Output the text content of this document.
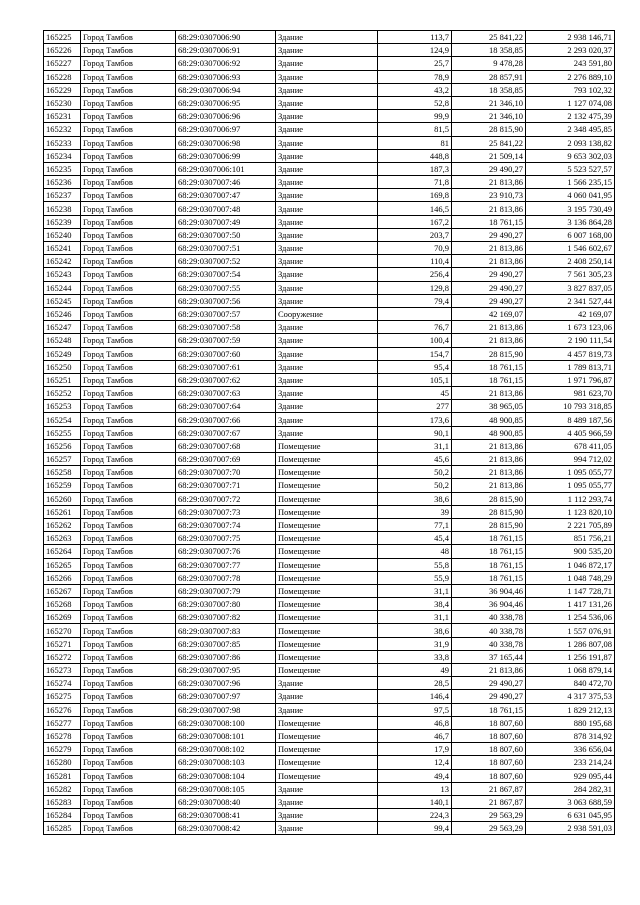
165225	Город Тамбов	68:29:0307006:90	Здание	113,7	25 841,22	2 938 146,71
165226	Город Тамбов	68:29:0307006:91	Здание	124,9	18 358,85	2 293 020,37
165227	Город Тамбов	68:29:0307006:92	Здание	25,7	9 478,28	243 591,80
165228	Город Тамбов	68:29:0307006:93	Здание	78,9	28 857,91	2 276 889,10
165229	Город Тамбов	68:29:0307006:94	Здание	43,2	18 358,85	793 102,32
165230	Город Тамбов	68:29:0307006:95	Здание	52,8	21 346,10	1 127 074,08
165231	Город Тамбов	68:29:0307006:96	Здание	99,9	21 346,10	2 132 475,39
165232	Город Тамбов	68:29:0307006:97	Здание	81,5	28 815,90	2 348 495,85
165233	Город Тамбов	68:29:0307006:98	Здание	81	25 841,22	2 093 138,82
165234	Город Тамбов	68:29:0307006:99	Здание	448,8	21 509,14	9 653 302,03
165235	Город Тамбов	68:29:0307006:101	Здание	187,3	29 490,27	5 523 527,57
165236	Город Тамбов	68:29:0307007:46	Здание	71,8	21 813,86	1 566 235,15
165237	Город Тамбов	68:29:0307007:47	Здание	169,8	23 910,73	4 060 041,95
165238	Город Тамбов	68:29:0307007:48	Здание	146,5	21 813,86	3 195 730,49
165239	Город Тамбов	68:29:0307007:49	Здание	167,2	18 761,15	3 136 864,28
165240	Город Тамбов	68:29:0307007:50	Здание	203,7	29 490,27	6 007 168,00
165241	Город Тамбов	68:29:0307007:51	Здание	70,9	21 813,86	1 546 602,67
165242	Город Тамбов	68:29:0307007:52	Здание	110,4	21 813,86	2 408 250,14
165243	Город Тамбов	68:29:0307007:54	Здание	256,4	29 490,27	7 561 305,23
165244	Город Тамбов	68:29:0307007:55	Здание	129,8	29 490,27	3 827 837,05
165245	Город Тамбов	68:29:0307007:56	Здание	79,4	29 490,27	2 341 527,44
165246	Город Тамбов	68:29:0307007:57	Сооружение		42 169,07	42 169,07
165247	Город Тамбов	68:29:0307007:58	Здание	76,7	21 813,86	1 673 123,06
165248	Город Тамбов	68:29:0307007:59	Здание	100,4	21 813,86	2 190 111,54
165249	Город Тамбов	68:29:0307007:60	Здание	154,7	28 815,90	4 457 819,73
165250	Город Тамбов	68:29:0307007:61	Здание	95,4	18 761,15	1 789 813,71
165251	Город Тамбов	68:29:0307007:62	Здание	105,1	18 761,15	1 971 796,87
165252	Город Тамбов	68:29:0307007:63	Здание	45	21 813,86	981 623,70
165253	Город Тамбов	68:29:0307007:64	Здание	277	38 965,05	10 793 318,85
165254	Город Тамбов	68:29:0307007:66	Здание	173,6	48 900,85	8 489 187,56
165255	Город Тамбов	68:29:0307007:67	Здание	90,1	48 900,85	4 405 966,59
165256	Город Тамбов	68:29:0307007:68	Помещение	31,1	21 813,86	678 411,05
165257	Город Тамбов	68:29:0307007:69	Помещение	45,6	21 813,86	994 712,02
165258	Город Тамбов	68:29:0307007:70	Помещение	50,2	21 813,86	1 095 055,77
165259	Город Тамбов	68:29:0307007:71	Помещение	50,2	21 813,86	1 095 055,77
165260	Город Тамбов	68:29:0307007:72	Помещение	38,6	28 815,90	1 112 293,74
165261	Город Тамбов	68:29:0307007:73	Помещение	39	28 815,90	1 123 820,10
165262	Город Тамбов	68:29:0307007:74	Помещение	77,1	28 815,90	2 221 705,89
165263	Город Тамбов	68:29:0307007:75	Помещение	45,4	18 761,15	851 756,21
165264	Город Тамбов	68:29:0307007:76	Помещение	48	18 761,15	900 535,20
165265	Город Тамбов	68:29:0307007:77	Помещение	55,8	18 761,15	1 046 872,17
165266	Город Тамбов	68:29:0307007:78	Помещение	55,9	18 761,15	1 048 748,29
165267	Город Тамбов	68:29:0307007:79	Помещение	31,1	36 904,46	1 147 728,71
165268	Город Тамбов	68:29:0307007:80	Помещение	38,4	36 904,46	1 417 131,26
165269	Город Тамбов	68:29:0307007:82	Помещение	31,1	40 338,78	1 254 536,06
165270	Город Тамбов	68:29:0307007:83	Помещение	38,6	40 338,78	1 557 076,91
165271	Город Тамбов	68:29:0307007:85	Помещение	31,9	40 338,78	1 286 807,08
165272	Город Тамбов	68:29:0307007:86	Помещение	33,8	37 165,44	1 256 191,87
165273	Город Тамбов	68:29:0307007:95	Помещение	49	21 813,86	1 068 879,14
165274	Город Тамбов	68:29:0307007:96	Здание	28,5	29 490,27	840 472,70
165275	Город Тамбов	68:29:0307007:97	Здание	146,4	29 490,27	4 317 375,53
165276	Город Тамбов	68:29:0307007:98	Здание	97,5	18 761,15	1 829 212,13
165277	Город Тамбов	68:29:0307008:100	Помещение	46,8	18 807,60	880 195,68
165278	Город Тамбов	68:29:0307008:101	Помещение	46,7	18 807,60	878 314,92
165279	Город Тамбов	68:29:0307008:102	Помещение	17,9	18 807,60	336 656,04
165280	Город Тамбов	68:29:0307008:103	Помещение	12,4	18 807,60	233 214,24
165281	Город Тамбов	68:29:0307008:104	Помещение	49,4	18 807,60	929 095,44
165282	Город Тамбов	68:29:0307008:105	Здание	13	21 867,87	284 282,31
165283	Город Тамбов	68:29:0307008:40	Здание	140,1	21 867,87	3 063 688,59
165284	Город Тамбов	68:29:0307008:41	Здание	224,3	29 563,29	6 631 045,95
165285	Город Тамбов	68:29:0307008:42	Здание	99,4	29 563,29	2 938 591,03
